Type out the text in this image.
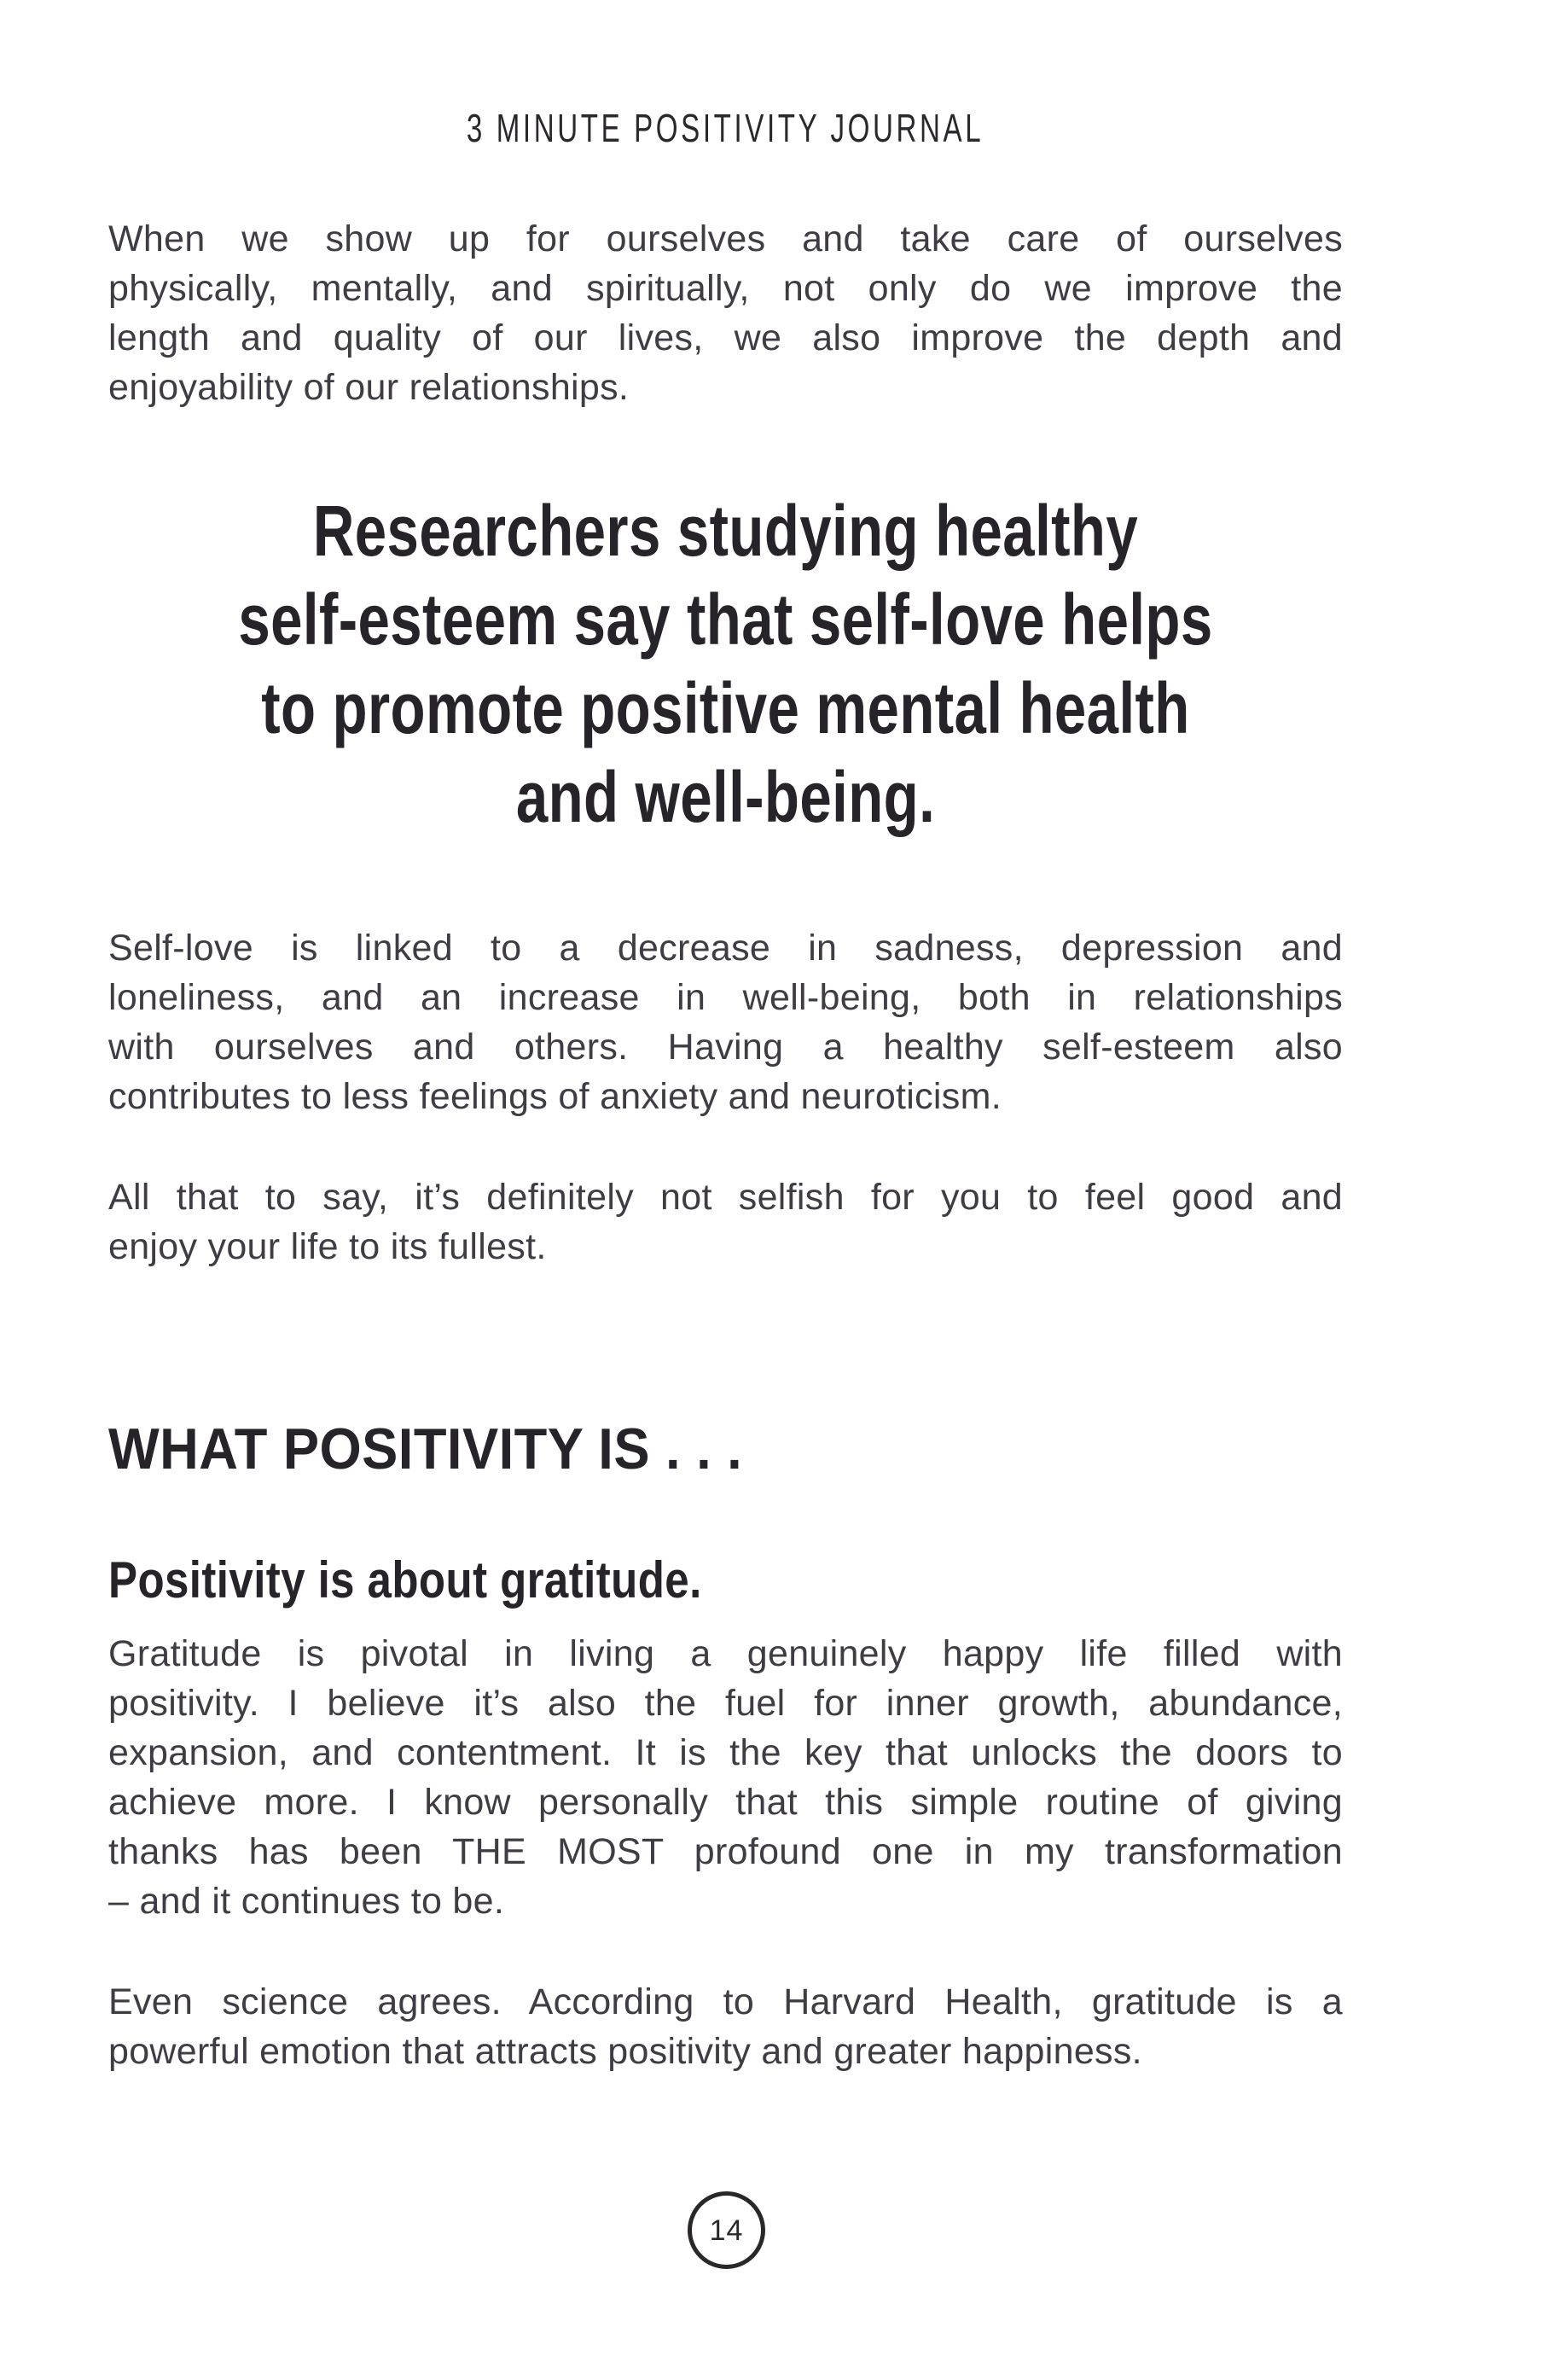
3 MINUTE POSITIVITY JOURNAL
When we show up for ourselves and take care of ourselves
physically, mentally, and spiritually, not only do we improve the
length and quality of our lives, we also improve the depth and
enjoyability of our relationships.
Researchers studying healthy
self-esteem say that self-love helps
to promote positive mental health
and well-being.
Self-love is linked to a decrease in sadness, depression and
loneliness, and an increase in well-being, both in relationships
with ourselves and others. Having a healthy self-esteem also
contributes to less feelings of anxiety and neuroticism.
All that to say, it’s definitely not selfish for you to feel good and
enjoy your life to its fullest.
WHAT POSITIVITY IS . . .
Positivity is about gratitude.
Gratitude is pivotal in living a genuinely happy life filled with
positivity. I believe it’s also the fuel for inner growth, abundance,
expansion, and contentment. It is the key that unlocks the doors to
achieve more. I know personally that this simple routine of giving
thanks has been THE MOST profound one in my transformation
– and it continues to be.
Even science agrees. According to Harvard Health, gratitude is a
powerful emotion that attracts positivity and greater happiness.
14
